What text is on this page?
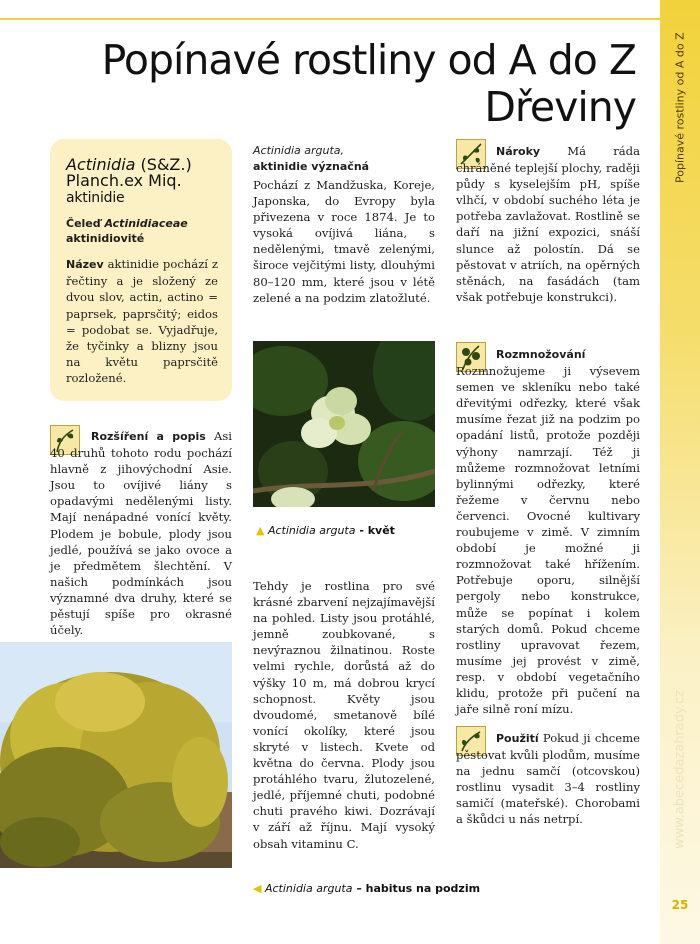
Popínavé rostliny od A do Z
www.abecedazahrady.cz
25
Popínavé rostliny od A do Z
Dřeviny
Actinidia (S&Z.) Planch.ex Miq.
aktinidie
Čeleď Actinidiaceae
aktinidiovité
Název aktinidie pochází z řečtiny a je složený ze dvou slov, actin, actino = paprsek, paprsčitý; eidos = podobat se. Vyjadřuje, že tyčinky a blizny jsou na květu paprsčitě rozložené.
Rozšíření a popis Asi 40 druhů tohoto rodu pochází hlavně z jihovýchodní Asie. Jsou to ovíjivé liány s opadavými nedělenými listy. Mají nenápadné vonící květy. Plodem je bobule, plody jsou jedlé, používá se jako ovoce a je předmětem šlechtění. V našich podmínkách jsou významné dva druhy, které se pěstují spíše pro okrasné účely.
Actinidia arguta,
aktinidie význačná
Pochází z Mandžuska, Koreje, Japonska, do Evropy byla přivezena v roce 1874. Je to vysoká ovíjivá liána, s nedělenými, tmavě zelenými, široce vejčitými listy, dlouhými 80–120 mm, které jsou v létě zelené a na podzim zlatožluté.
▲ Actinidia arguta - květ
Tehdy je rostlina pro své krásné zbarvení nejzajímavější na pohled. Listy jsou protáhlé, jemně zoubkované, s nevýraznou žilnatinou. Roste velmi rychle, dorůstá až do výšky 10 m, má dobrou krycí schopnost. Květy jsou dvoudomé, smetanově bílé vonící okolíky, které jsou skryté v listech. Kvete od května do června. Plody jsou protáhlého tvaru, žlutozelené, jedlé, příjemné chuti, podobné chuti pravého kiwi. Dozrávají v září až říjnu. Mají vysoký obsah vitaminu C.
◀ Actinidia arguta – habitus na podzim
Nároky Má ráda chráněné teplejší plochy, raději půdy s kyselejším pH, spíše vlhčí, v období suchého léta je potřeba zavlažovat. Rostlině se daří na jižní expozici, snáší slunce až polostín. Dá se pěstovat v atriích, na opěrných stěnách, na fasádách (tam však potřebuje konstrukci).
Rozmnožování Rozmnožujeme ji výsevem semen ve skleníku nebo také dřevitými odřezky, které však musíme řezat již na podzim po opadání listů, protože později výhony namrzají. Též ji můžeme rozmnožovat letními bylinnými odřezky, které řežeme v červnu nebo červenci. Ovocné kultivary roubujeme v zimě. V zimním období je možné ji rozmnožovat také hřížením. Potřebuje oporu, silnější pergoly nebo konstrukce, může se popínat i kolem starých domů. Pokud chceme rostliny upravovat řezem, musíme jej provést v zimě, resp. v období vegetačního klidu, protože při pučení na jaře silně roní mízu.
Použití Pokud ji chceme pěstovat kvůli plodům, musíme na jednu samčí (otcovskou) rostlinu vysadit 3–4 rostliny samičí (mateřské). Chorobami a škůdci u nás netrpí.
